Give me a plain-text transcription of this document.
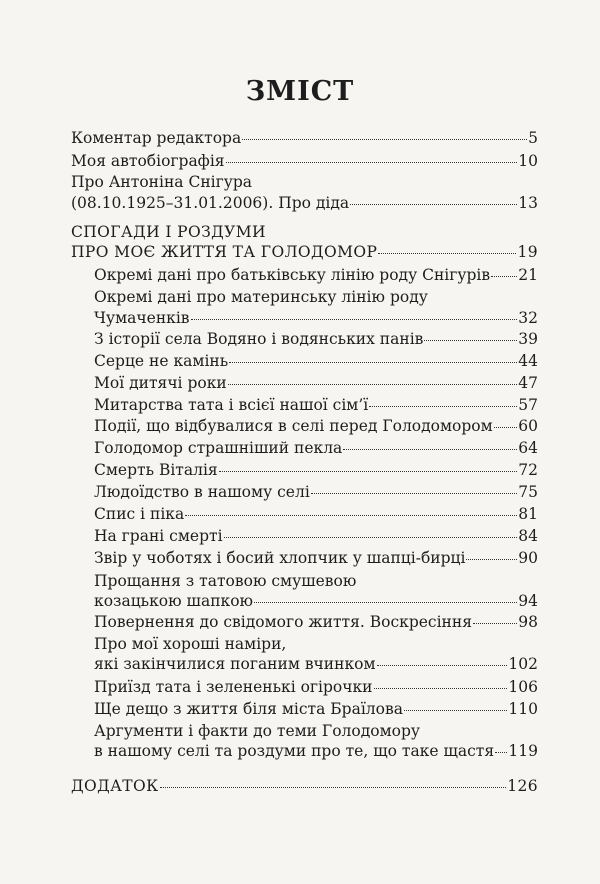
ЗМІСТ
Коментар редактора	5
Моя автобіографія	10
Про Антоніна Снігура
(08.10.1925–31.01.2006). Про діда	13
СПОГАДИ І РОЗДУМИ
ПРО МОЄ ЖИТТЯ ТА ГОЛОДОМОР	19
Окремі дані про батьківську лінію роду Снігурів 21
Окремі дані про материнську лінію роду
Чумаченків	32
З історії села Водяно і водянських панів	39
Серце не камінь	44
Мої дитячі роки	47
Митарства тата і всієї нашої сім’ї	57
Події, що відбувалися в селі перед Голодомором 60
Голодомор страшніший пекла	64
Смерть Віталія	72
Людоїдство в нашому селі	75
Спис і піка	81
На грані смерті	84
Звір у чоботях і босий хлопчик у шапці-бирці	90
Прощання з татовою смушевою
козацькою шапкою	94
Повернення до свідомого життя. Воскресіння	98
Про мої хороші наміри,
які закінчилися поганим вчинком	102
Приїзд тата і зелененькі огірочки	106
Ще дещо з життя біля міста Браїлова	110
Аргументи і факти до теми Голодомору
в нашому селі та роздуми про те, що таке щастя 119
ДОДАТОК	126
